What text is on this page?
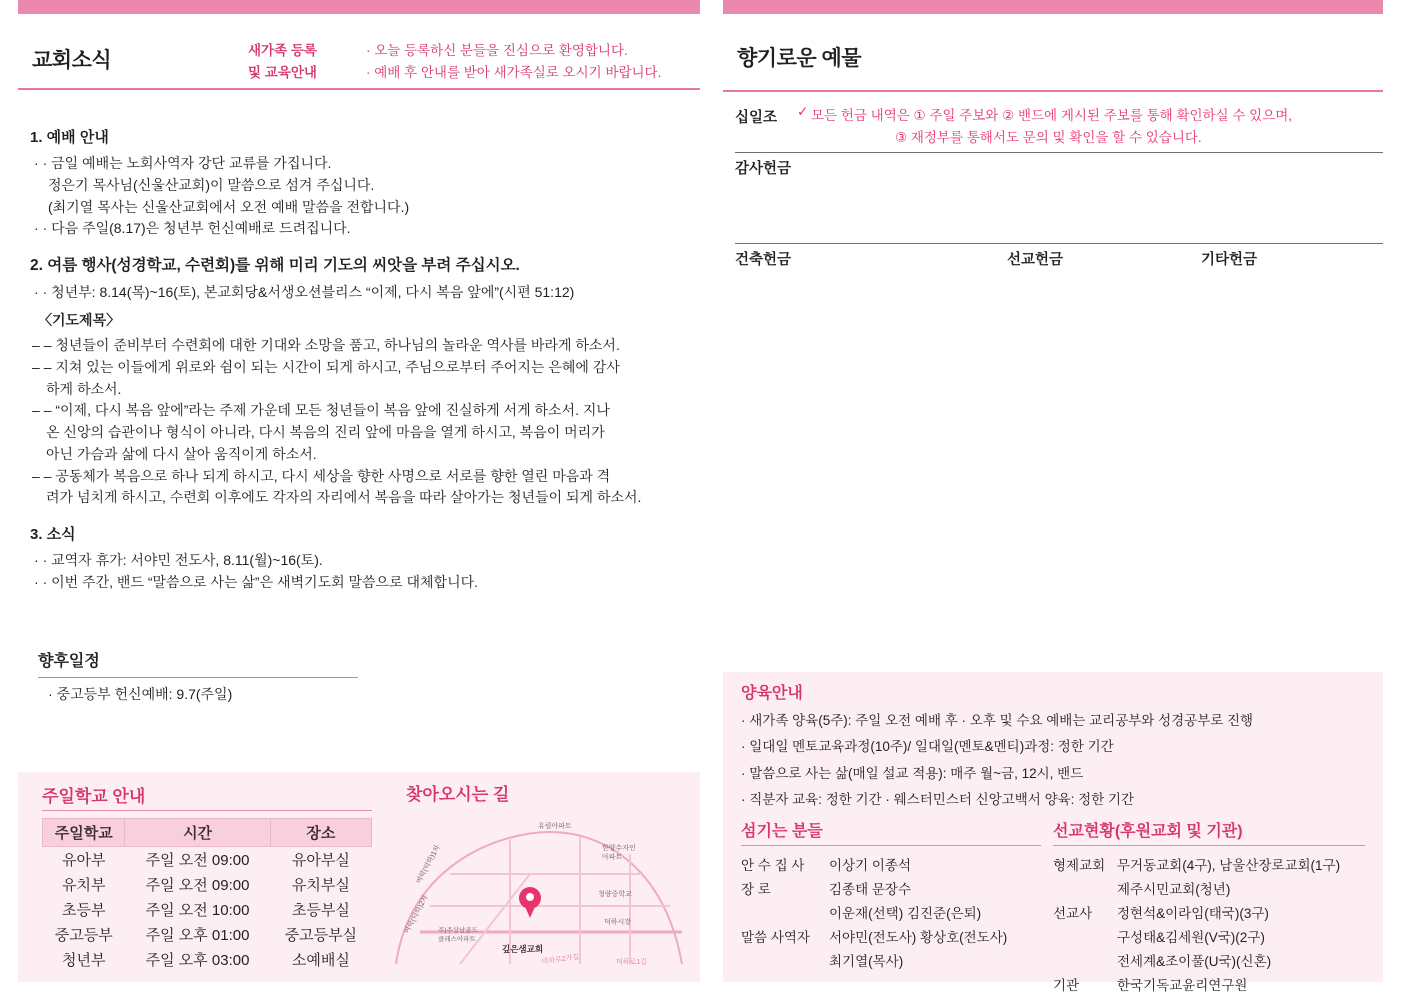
교회소식	새가족 등록
및 교육안내
· 오늘 등록하신 분들을 진심으로 환영합니다.
· 예배 후 안내를 받아 새가족실로 오시기 바랍니다.
1. 예배 안내
· · 금일 예배는 노회사역자 강단 교류를 가집니다.
정은기 목사님(신울산교회)이 말씀으로 섬겨 주십니다.
(최기열 목사는 신울산교회에서 오전 예배 말씀을 전합니다.)
· · 다음 주일(8.17)은 청년부 헌신예배로 드려집니다.
2. 여름 행사(성경학교, 수련회)를 위해 미리 기도의 씨앗을 부려 주십시오.
· · 청년부: 8.14(목)~16(토), 본교회당&서생오션블리스 “이제, 다시 복음 앞에”(시편 51:12)
〈기도제목〉
– – 청년들이 준비부터 수련회에 대한 기대와 소망을 품고, 하나님의 놀라운 역사를 바라게 하소서.
– – 지쳐 있는 이들에게 위로와 쉼이 되는 시간이 되게 하시고, 주님으로부터 주어지는 은혜에 감사
하게 하소서.
– – “이제, 다시 복음 앞에”라는 주제 가운데 모든 청년들이 복음 앞에 진실하게 서게 하소서. 지나
온 신앙의 습관이나 형식이 아니라, 다시 복음의 진리 앞에 마음을 열게 하시고, 복음이 머리가
아닌 가슴과 삶에 다시 살아 움직이게 하소서.
– – 공동체가 복음으로 하나 되게 하시고, 다시 세상을 향한 사명으로 서로를 향한 열린 마음과 격
려가 넘치게 하시고, 수련회 이후에도 각자의 자리에서 복음을 따라 살아가는 청년들이 되게 하소서.
3. 소식
· · 교역자 휴가: 서야민 전도사, 8.11(월)~16(토).
· · 이번 주간, 밴드 “말씀으로 사는 삶”은 새벽기도회 말씀으로 대체합니다.
향후일정
· 중고등부 헌신예배: 9.7(주일)
주일학교 안내
주일학교	시간	장소
유아부	주일 오전 09:00	유아부실
유치부	주일 오전 09:00	유치부실
초등부	주일 오전 10:00	초등부실
중고등부	주일 오후 01:00	중고등부실
청년부	주일 오후 03:00	소예배실
찾아오시는 길
유림아파트
한양수자인
아파트
청량중학교
덕하시장
여락(덕하)1차
여락(덕하)2차 주)주상남골드
클래스아파트
깊은샘교회
덕하로2가길	덕하로1길
향기로운 예물
십일조 ✓ 모든 헌금 내역은 ① 주일 주보와 ② 밴드에 게시된 주보를 통해 확인하실 수 있으며,
③ 재정부를 통해서도 문의 및 확인을 할 수 있습니다.
감사헌금
건축헌금	선교헌금	기타헌금
양육안내
· 새가족 양육(5주): 주일 오전 예배 후 · 오후 및 수요 예배는 교리공부와 성경공부로 진행
· 일대일 멘토교육과정(10주)/ 일대일(멘토&멘티)과정: 정한 기간
· 말씀으로 사는 삶(매일 설교 적용): 매주 월~금, 12시, 밴드
· 직분자 교육: 정한 기간 · 웨스터민스터 신앙고백서 양육: 정한 기간
섬기는 분들
안 수 집 사	이상기 이종석
장 로	김종태 문장수
	이운재(선택) 김진준(은퇴)
말씀 사역자	서야민(전도사) 황상호(전도사)
	최기열(목사)
선교현황(후원교회 및 기관)
형제교회	무거동교회(4구), 남울산장로교회(1구)
	제주시민교회(청년)
선교사	정현석&이라임(태국)(3구)
	구성태&김세원(V국)(2구)
	전세계&조이풀(U국)(신혼)
기관	한국기독교윤리연구원
